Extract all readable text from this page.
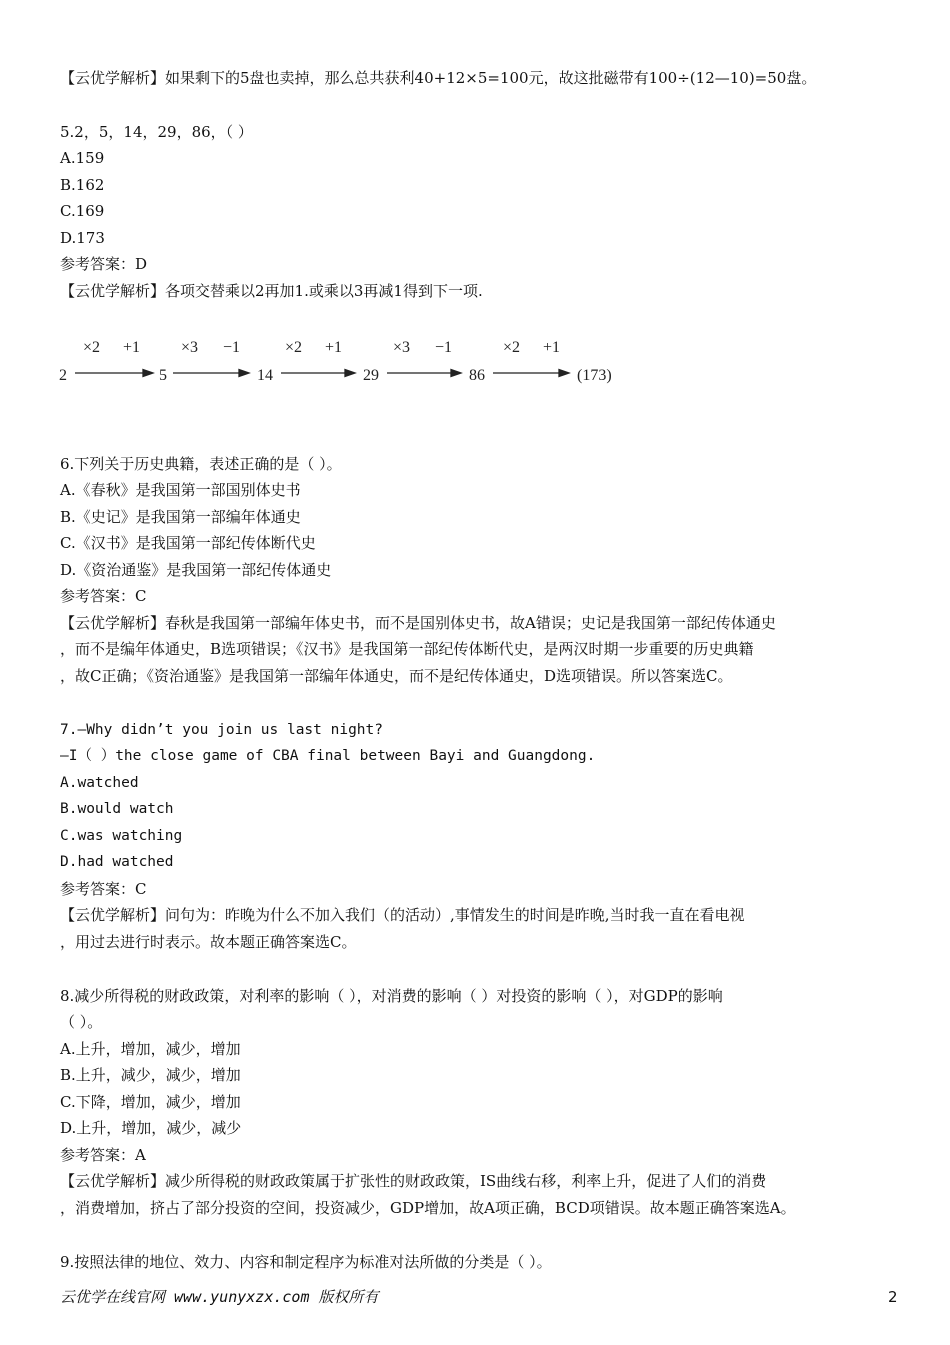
【云优学解析】如果剩下的5盘也卖掉，那么总共获利40+12×5=100元，故这批磁带有100÷(12—10)=50盘。
5.2，5，14，29，86，（ ）
A.159
B.162
C.169
D.173
参考答案：D
【云优学解析】各项交替乘以2再加1.或乘以3再减1得到下一项.
2	5	14	29	86	(173)
×2 +1	×3 −1	×2 +1	×3 −1	×2 +1
6.下列关于历史典籍，表述正确的是（ ）。
A.《春秋》是我国第一部国别体史书
B.《史记》是我国第一部编年体通史
C.《汉书》是我国第一部纪传体断代史
D.《资治通鉴》是我国第一部纪传体通史
参考答案：C
【云优学解析】春秋是我国第一部编年体史书，而不是国别体史书，故A错误；史记是我国第一部纪传体通史
，而不是编年体通史，B选项错误；《汉书》是我国第一部纪传体断代史，是两汉时期一步重要的历史典籍
，故C正确；《资治通鉴》是我国第一部编年体通史，而不是纪传体通史，D选项错误。所以答案选C。
7.—Why didn’t you join us last night?
—I（ ）the close game of CBA final between Bayi and Guangdong.
A.watched
B.would watch
C.was watching
D.had watched
参考答案：C
【云优学解析】问句为：昨晚为什么不加入我们（的活动）,事情发生的时间是昨晚,当时我一直在看电视
，用过去进行时表示。故本题正确答案选C。
8.减少所得税的财政政策，对利率的影响（ ），对消费的影响（ ）对投资的影响（ ），对GDP的影响
（ ）。
A.上升，增加，减少，增加
B.上升，减少，减少，增加
C.下降，增加，减少，增加
D.上升，增加，减少，减少
参考答案：A
【云优学解析】减少所得税的财政政策属于扩张性的财政政策，IS曲线右移，利率上升，促进了人们的消费
，消费增加，挤占了部分投资的空间，投资减少，GDP增加，故A项正确，BCD项错误。故本题正确答案选A。
9.按照法律的地位、效力、内容和制定程序为标准对法所做的分类是（ ）。
云优学在线官网 www.yunyxzx.com 版权所有	2
